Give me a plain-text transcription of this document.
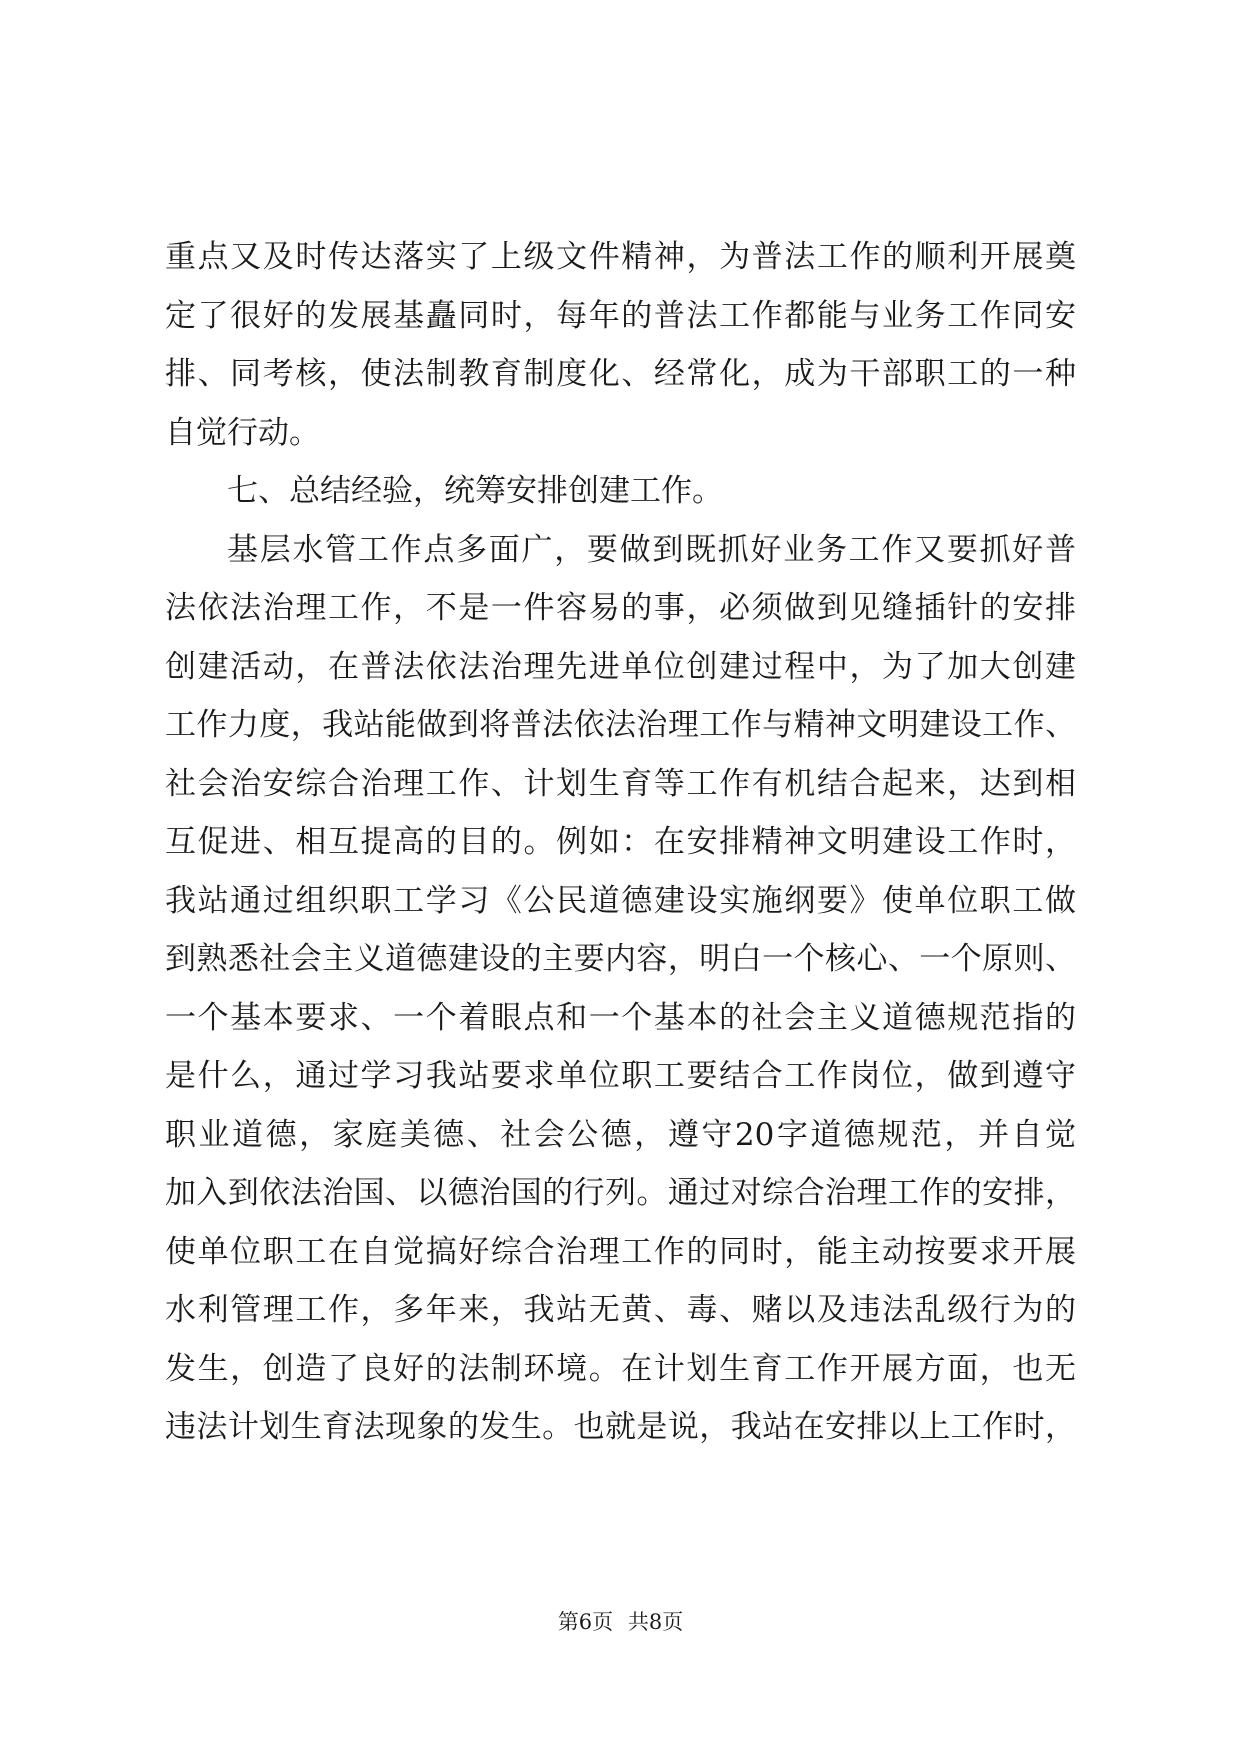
重点又及时传达落实了上级文件精神，为普法工作的顺利开展奠
定了很好的发展基矗同时，每年的普法工作都能与业务工作同安
排、同考核，使法制教育制度化、经常化，成为干部职工的一种
自觉行动。
七、总结经验，统筹安排创建工作。
基层水管工作点多面广，要做到既抓好业务工作又要抓好普
法依法治理工作，不是一件容易的事，必须做到见缝插针的安排
创建活动，在普法依法治理先进单位创建过程中，为了加大创建
工作力度，我站能做到将普法依法治理工作与精神文明建设工作、
社会治安综合治理工作、计划生育等工作有机结合起来，达到相
互促进、相互提高的目的。例如：在安排精神文明建设工作时，
我站通过组织职工学习《公民道德建设实施纲要》使单位职工做
到熟悉社会主义道德建设的主要内容，明白一个核心、一个原则、
一个基本要求、一个着眼点和一个基本的社会主义道德规范指的
是什么，通过学习我站要求单位职工要结合工作岗位，做到遵守
职业道德，家庭美德、社会公德，遵守20字道德规范，并自觉
加入到依法治国、以德治国的行列。通过对综合治理工作的安排，
使单位职工在自觉搞好综合治理工作的同时，能主动按要求开展
水利管理工作，多年来，我站无黄、毒、赌以及违法乱级行为的
发生，创造了良好的法制环境。在计划生育工作开展方面，也无
违法计划生育法现象的发生。也就是说，我站在安排以上工作时，
第6页 共8页
